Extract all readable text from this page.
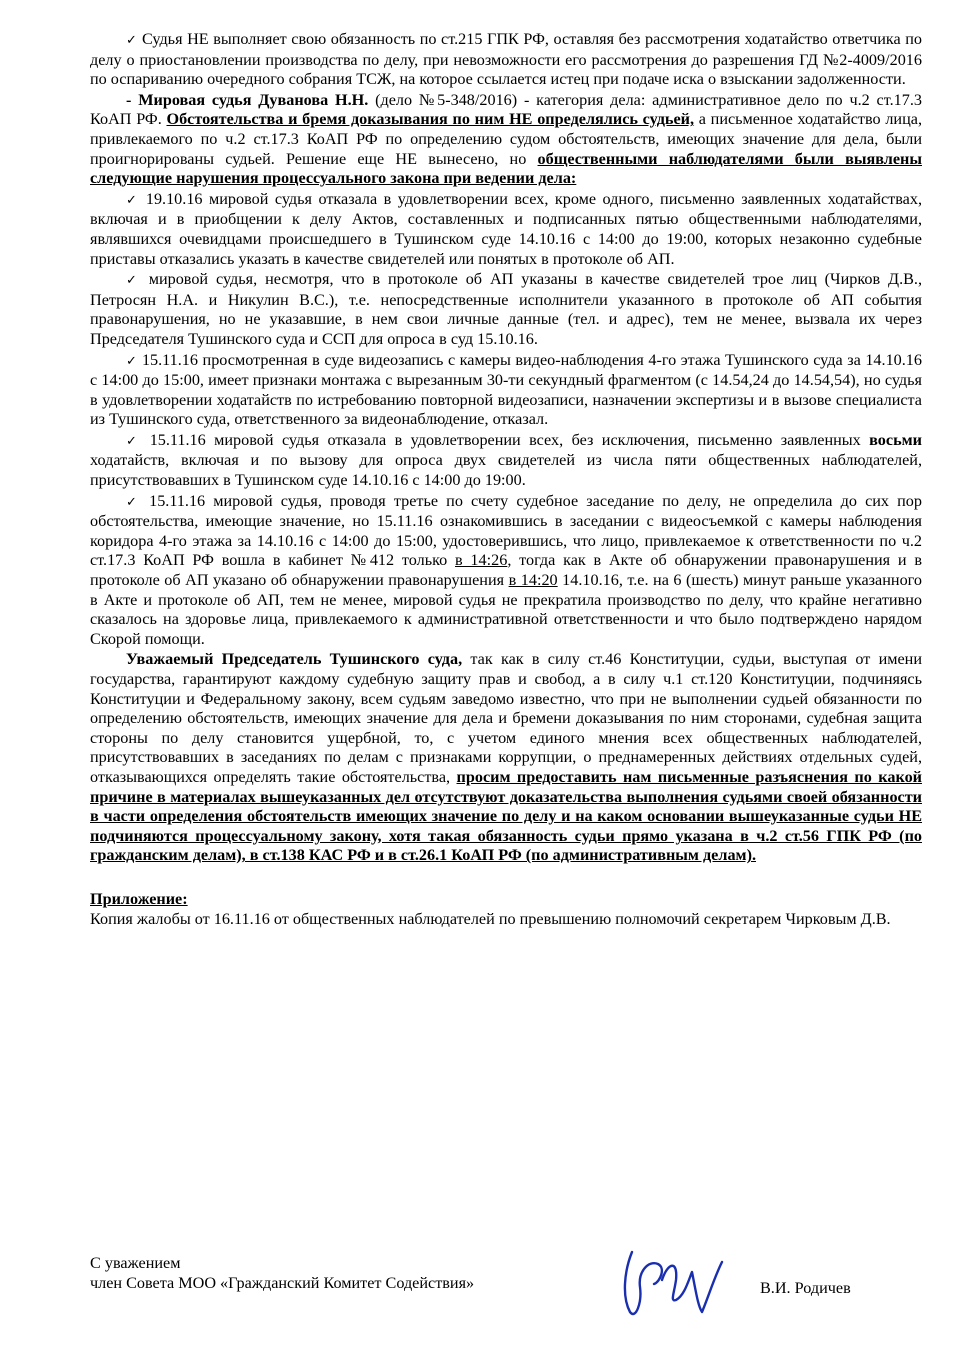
✓ Судья НЕ выполняет свою обязанность по ст.215 ГПК РФ, оставляя без рассмотрения ходатайство ответчика по делу о приостановлении производства по делу, при невозможности его рассмотрения до разрешения ГД №2-4009/2016 по оспариванию очередного собрания ТСЖ, на которое ссылается истец при подаче иска о взыскании задолженности.

- Мировая судья Дуванова Н.Н. (дело №5-348/2016) - категория дела: административное дело по ч.2 ст.17.3 КоАП РФ. Обстоятельства и бремя доказывания по ним НЕ определялись судьей, а письменное ходатайство лица, привлекаемого по ч.2 ст.17.3 КоАП РФ по определению судом обстоятельств, имеющих значение для дела, были проигнорированы судьей. Решение еще НЕ вынесено, но общественными наблюдателями были выявлены следующие нарушения процессуального закона при ведении дела:

✓ 19.10.16 мировой судья отказала в удовлетворении всех, кроме одного, письменно заявленных ходатайствах, включая и в приобщении к делу Актов, составленных и подписанных пятью общественными наблюдателями, являвшихся очевидцами происшедшего в Тушинском суде 14.10.16 с 14:00 до 19:00, которых незаконно судебные приставы отказались указать в качестве свидетелей или понятых в протоколе об АП.

✓ мировой судья, несмотря, что в протоколе об АП указаны в качестве свидетелей трое лиц (Чирков Д.В., Петросян Н.А. и Никулин В.С.), т.е. непосредственные исполнители указанного в протоколе об АП события правонарушения, но не указавшие, в нем свои личные данные (тел. и адрес), тем не менее, вызвала их через Председателя Тушинского суда и ССП для опроса в суд 15.10.16.

✓ 15.11.16 просмотренная в суде видеозапись с камеры видео-наблюдения 4-го этажа Тушинского суда за 14.10.16 с 14:00 до 15:00, имеет признаки монтажа с вырезанным 30-ти секундный фрагментом (с 14.54,24 до 14.54,54), но судья в удовлетворении ходатайств по истребованию повторной видеозаписи, назначении экспертизы и в вызове специалиста из Тушинского суда, ответственного за видеонаблюдение, отказал.

✓ 15.11.16 мировой судья отказала в удовлетворении всех, без исключения, письменно заявленных восьми ходатайств, включая и по вызову для опроса двух свидетелей из числа пяти общественных наблюдателей, присутствовавших в Тушинском суде 14.10.16 с 14:00 до 19:00.

✓ 15.11.16 мировой судья, проводя третье по счету судебное заседание по делу, не определила до сих пор обстоятельства, имеющие значение, но 15.11.16 ознакомившись в заседании с видеосъемкой с камеры наблюдения коридора 4-го этажа за 14.10.16 с 14:00 до 15:00, удостоверившись, что лицо, привлекаемое к ответственности по ч.2 ст.17.3 КоАП РФ вошла в кабинет №412 только в 14:26, тогда как в Акте об обнаружении правонарушения и в протоколе об АП указано об обнаружении правонарушения в 14:20 14.10.16, т.е. на 6 (шесть) минут раньше указанного в Акте и протоколе об АП, тем не менее, мировой судья не прекратила производство по делу, что крайне негативно сказалось на здоровье лица, привлекаемого к административной ответственности и что было подтверждено нарядом Скорой помощи.

Уважаемый Председатель Тушинского суда, так как в силу ст.46 Конституции, судьи, выступая от имени государства, гарантируют каждому судебную защиту прав и свобод, а в силу ч.1 ст.120 Конституции, подчиняясь Конституции и Федеральному закону, всем судьям заведомо известно, что при не выполнении судьей обязанности по определению обстоятельств, имеющих значение для дела и бремени доказывания по ним сторонами, судебная защита стороны по делу становится ущербной, то, с учетом единого мнения всех общественных наблюдателей, присутствовавших в заседаниях по делам с признаками коррупции, о преднамеренных действиях отдельных судей, отказывающихся определять такие обстоятельства, просим предоставить нам письменные разъяснения по какой причине в материалах вышеуказанных дел отсутствуют доказательства выполнения судьями своей обязанности в части определения обстоятельств имеющих значение по делу и на каком основании вышеуказанные судьи НЕ подчиняются процессуальному закону, хотя такая обязанность судьи прямо указана в ч.2 ст.56 ГПК РФ (по гражданским делам), в ст.138 КАС РФ и в ст.26.1 КоАП РФ (по административным делам).

Приложение:

Копия жалобы от 16.11.16 от общественных наблюдателей по превышению полномочий секретарем Чирковым Д.В.

С уважением
член Совета МОО «Гражданский Комитет Содействия»	В.И. Родичев
